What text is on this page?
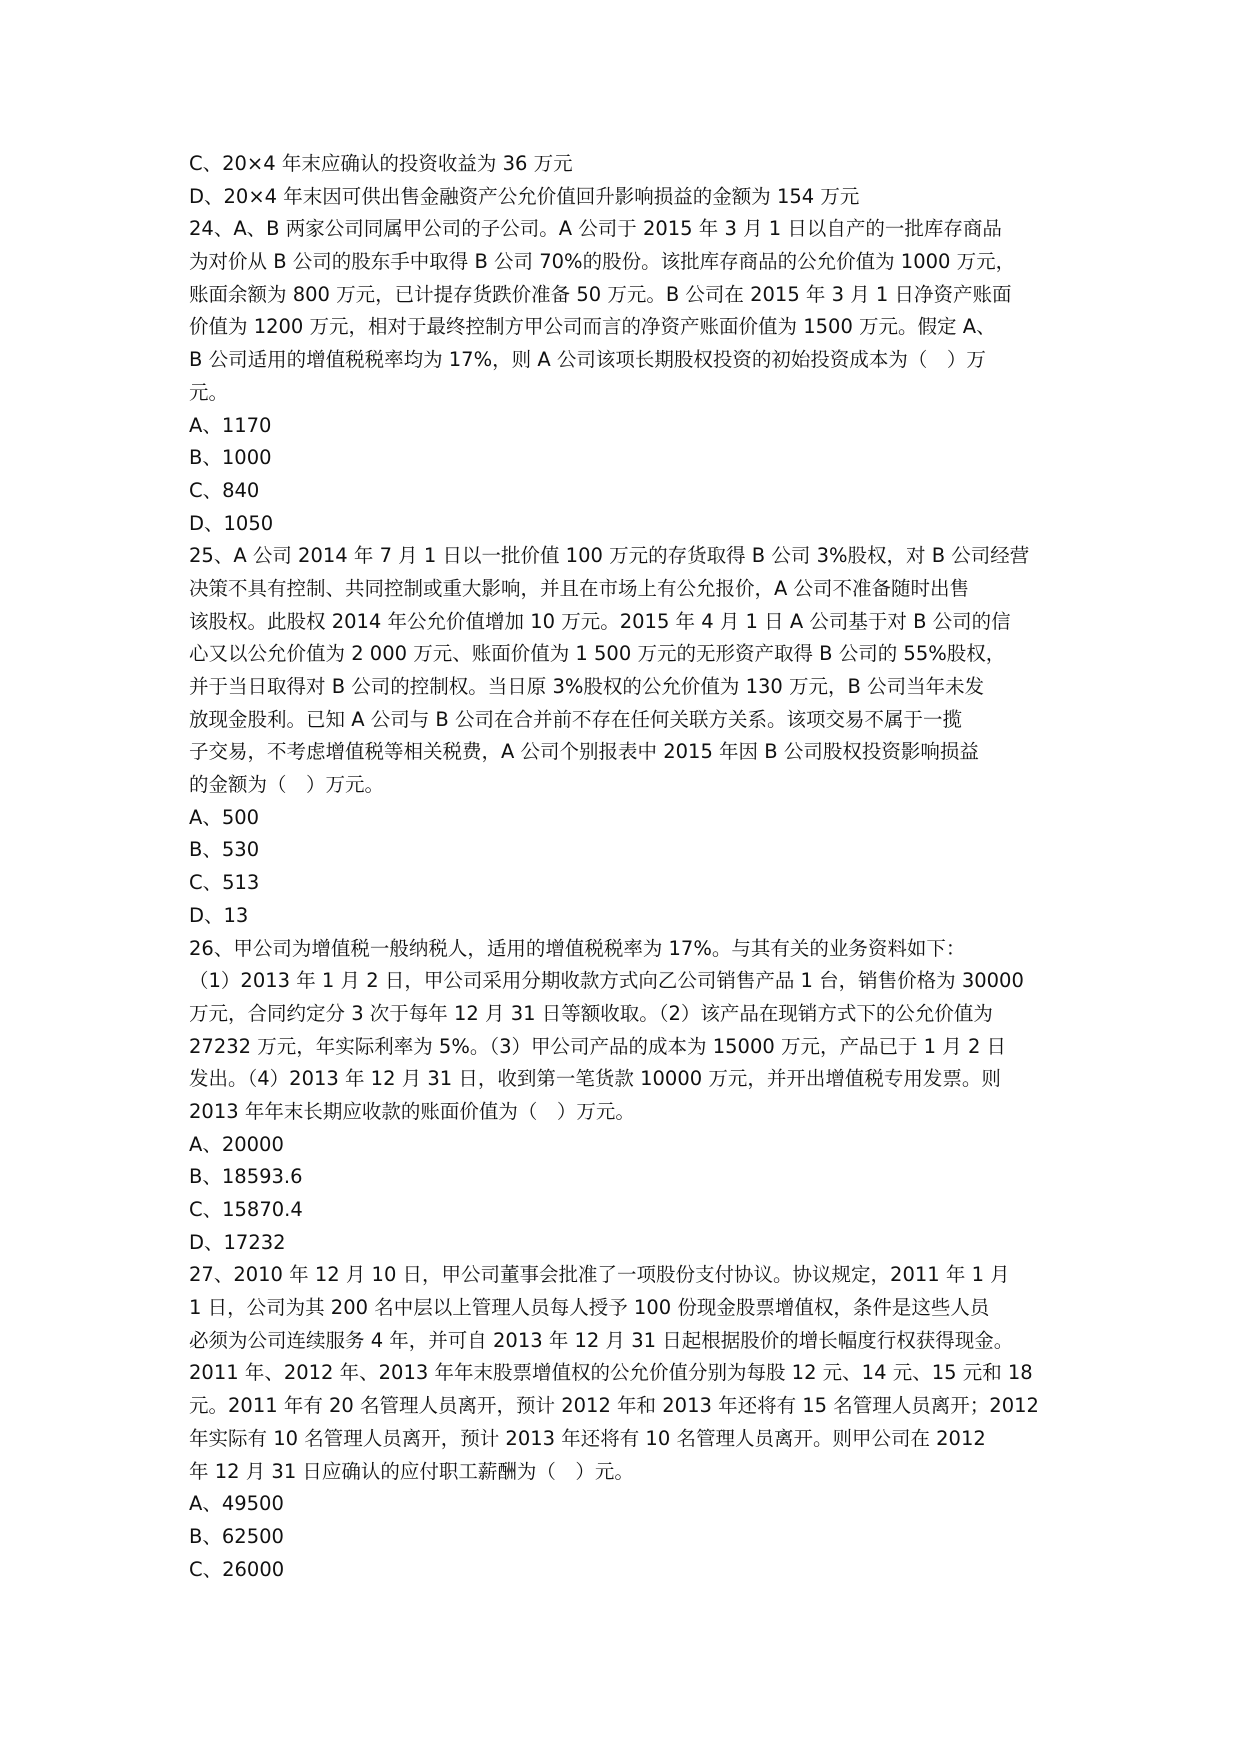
C、20×4 年末应确认的投资收益为 36 万元
D、20×4 年末因可供出售金融资产公允价值回升影响损益的金额为 154 万元
24、A、B 两家公司同属甲公司的子公司。A 公司于 2015 年 3 月 1 日以自产的一批库存商品
为对价从 B 公司的股东手中取得 B 公司 70%的股份。该批库存商品的公允价值为 1000 万元，
账面余额为 800 万元，已计提存货跌价准备 50 万元。B 公司在 2015 年 3 月 1 日净资产账面
价值为 1200 万元，相对于最终控制方甲公司而言的净资产账面价值为 1500 万元。假定 A、
B 公司适用的增值税税率均为 17%，则 A 公司该项长期股权投资的初始投资成本为（　）万
元。
A、1170
B、1000
C、840
D、1050
25、A 公司 2014 年 7 月 1 日以一批价值 100 万元的存货取得 B 公司 3%股权，对 B 公司经营
决策不具有控制、共同控制或重大影响，并且在市场上有公允报价，A 公司不准备随时出售
该股权。此股权 2014 年公允价值增加 10 万元。2015 年 4 月 1 日 A 公司基于对 B 公司的信
心又以公允价值为 2 000 万元、账面价值为 1 500 万元的无形资产取得 B 公司的 55%股权，
并于当日取得对 B 公司的控制权。当日原 3%股权的公允价值为 130 万元，B 公司当年未发
放现金股利。已知 A 公司与 B 公司在合并前不存在任何关联方关系。该项交易不属于一揽
子交易，不考虑增值税等相关税费，A 公司个别报表中 2015 年因 B 公司股权投资影响损益
的金额为（　）万元。
A、500
B、530
C、513
D、13
26、甲公司为增值税一般纳税人，适用的增值税税率为 17%。与其有关的业务资料如下：
（1）2013 年 1 月 2 日，甲公司采用分期收款方式向乙公司销售产品 1 台，销售价格为 30000
万元，合同约定分 3 次于每年 12 月 31 日等额收取。（2）该产品在现销方式下的公允价值为
27232 万元，年实际利率为 5%。（3）甲公司产品的成本为 15000 万元，产品已于 1 月 2 日
发出。（4）2013 年 12 月 31 日，收到第一笔货款 10000 万元，并开出增值税专用发票。则
2013 年年末长期应收款的账面价值为（　）万元。
A、20000
B、18593.6
C、15870.4
D、17232
27、2010 年 12 月 10 日，甲公司董事会批准了一项股份支付协议。协议规定，2011 年 1 月
1 日，公司为其 200 名中层以上管理人员每人授予 100 份现金股票增值权，条件是这些人员
必须为公司连续服务 4 年，并可自 2013 年 12 月 31 日起根据股价的增长幅度行权获得现金。
2011 年、2012 年、2013 年年末股票增值权的公允价值分别为每股 12 元、14 元、15 元和 18
元。2011 年有 20 名管理人员离开，预计 2012 年和 2013 年还将有 15 名管理人员离开；2012
年实际有 10 名管理人员离开，预计 2013 年还将有 10 名管理人员离开。则甲公司在 2012
年 12 月 31 日应确认的应付职工薪酬为（　）元。
A、49500
B、62500
C、26000
